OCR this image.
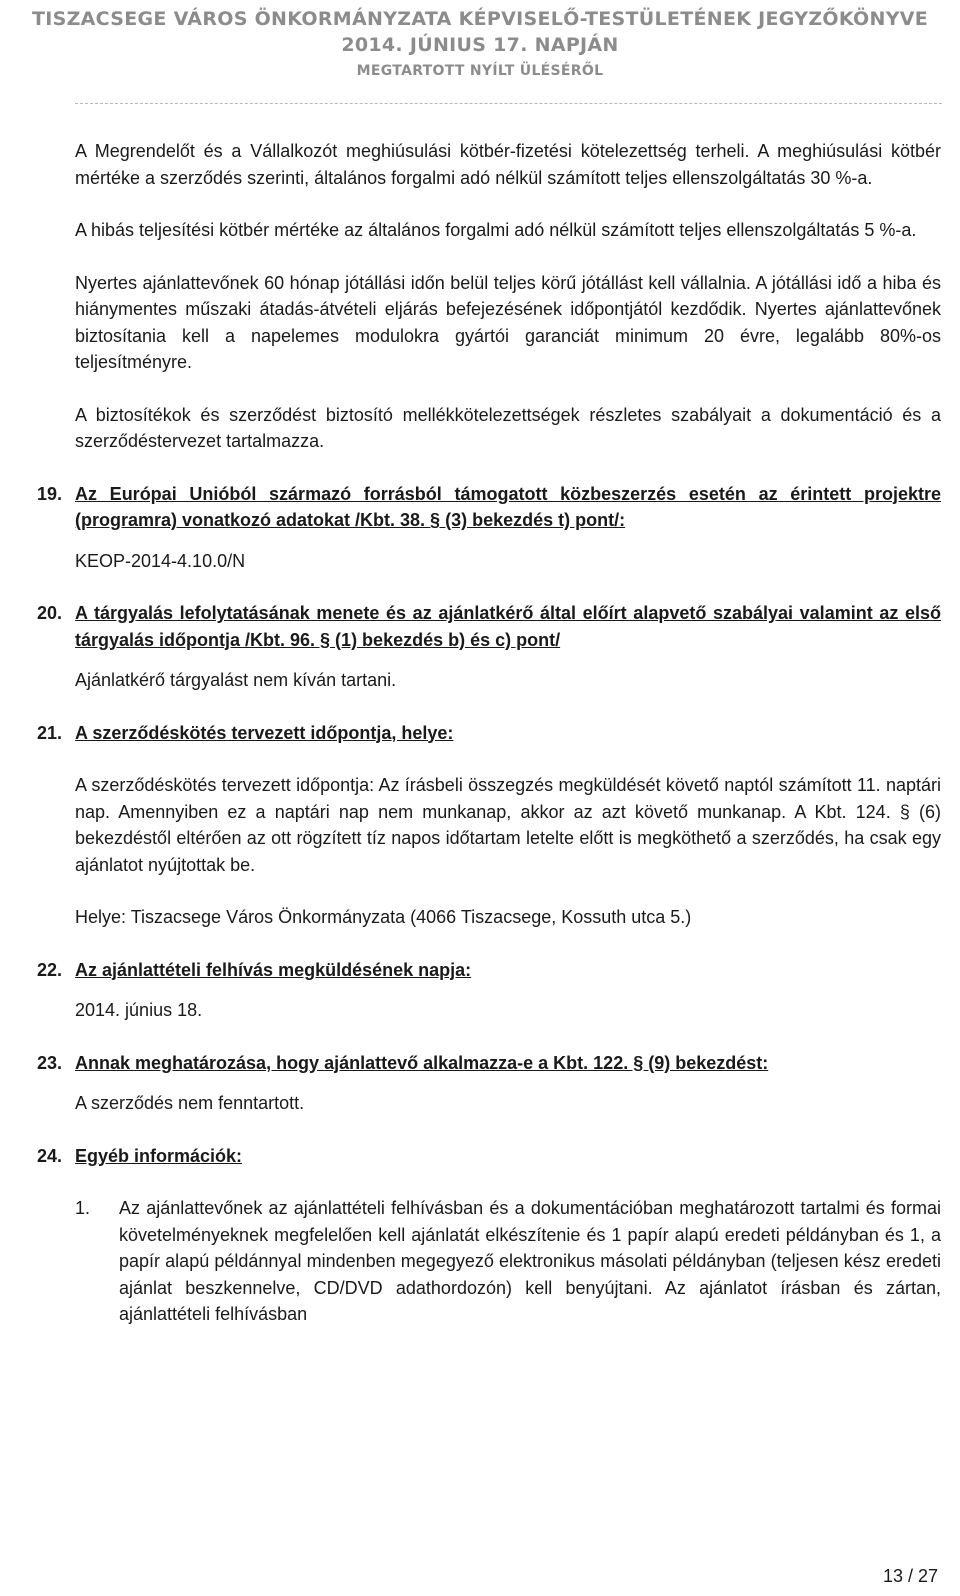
TISZACSEGE VÁROS ÖNKORMÁNYZATA KÉPVISELŐ-TESTÜLETÉNEK JEGYZŐKÖNYVE
2014. JÚNIUS 17. NAPJÁN
MEGTARTOTT NYÍLT ÜLÉSÉRŐL

A Megrendelőt és a Vállalkozót meghiúsulási kötbér-fizetési kötelezettség terheli. A meghiúsulási kötbér mértéke a szerződés szerinti, általános forgalmi adó nélkül számított teljes ellenszolgáltatás 30 %-a.

A hibás teljesítési kötbér mértéke az általános forgalmi adó nélkül számított teljes ellenszolgáltatás 5 %-a.

Nyertes ajánlattevőnek 60 hónap jótállási időn belül teljes körű jótállást kell vállalnia. A jótállási idő a hiba és hiánymentes műszaki átadás-átvételi eljárás befejezésének időpontjától kezdődik. Nyertes ajánlattevőnek biztosítania kell a napelemes modulokra gyártói garanciát minimum 20 évre, legalább 80%-os teljesítményre.

A biztosítékok és szerződést biztosító mellékkötelezettségek részletes szabályait a dokumentáció és a szerződéstervezet tartalmazza.

19. Az Európai Unióból származó forrásból támogatott közbeszerzés esetén az érintett projektre (programra) vonatkozó adatokat /Kbt. 38. § (3) bekezdés t) pont/:

KEOP-2014-4.10.0/N

20. A tárgyalás lefolytatásának menete és az ajánlatkérő által előírt alapvető szabályai valamint az első tárgyalás időpontja /Kbt. 96. § (1) bekezdés b) és c) pont/

Ajánlatkérő tárgyalást nem kíván tartani.

21. A szerződéskötés tervezett időpontja, helye:

A szerződéskötés tervezett időpontja: Az írásbeli összegzés megküldését követő naptól számított 11. naptári nap. Amennyiben ez a naptári nap nem munkanap, akkor az azt követő munkanap. A Kbt. 124. § (6) bekezdéstől eltérően az ott rögzített tíz napos időtartam letelte előtt is megköthető a szerződés, ha csak egy ajánlatot nyújtottak be.

Helye: Tiszacsege Város Önkormányzata (4066 Tiszacsege, Kossuth utca 5.)

22. Az ajánlattételi felhívás megküldésének napja:

2014. június 18.

23. Annak meghatározása, hogy ajánlattevő alkalmazza-e a Kbt. 122. § (9) bekezdést:

A szerződés nem fenntartott.

24. Egyéb információk:
1.	Az ajánlattevőnek az ajánlattételi felhívásban és a dokumentációban meghatározott tartalmi és formai követelményeknek megfelelően kell ajánlatát elkészítenie és 1 papír alapú eredeti példányban és 1, a papír alapú példánnyal mindenben megegyező elektronikus másolati példányban (teljesen kész eredeti ajánlat beszkennelve, CD/DVD adathordozón) kell benyújtani. Az ajánlatot írásban és zártan, ajánlattételi felhívásban
13 / 27
